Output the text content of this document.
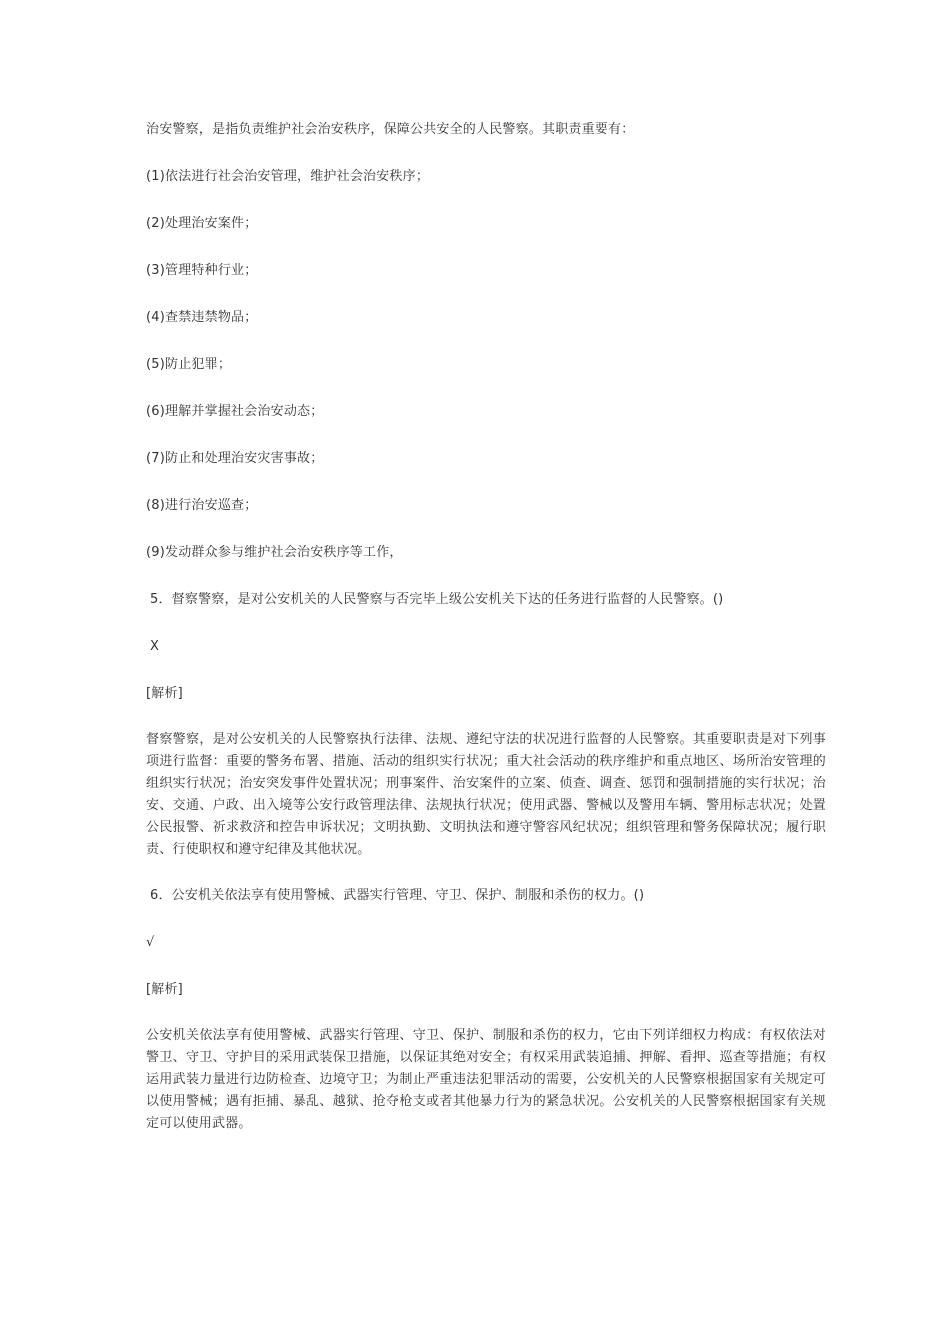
治安警察，是指负责维护社会治安秩序，保障公共安全的人民警察。其职责重要有：

(1)依法进行社会治安管理，维护社会治安秩序；

(2)处理治安案件；

(3)管理特种行业；

(4)查禁违禁物品；

(5)防止犯罪；

(6)理解并掌握社会治安动态；

(7)防止和处理治安灾害事故；

(8)进行治安巡查；

(9)发动群众参与维护社会治安秩序等工作，

5．督察警察，是对公安机关的人民警察与否完毕上级公安机关下达的任务进行监督的人民警察。()

X

[解析]

督察警察，是对公安机关的人民警察执行法律、法规、遵纪守法的状况进行监督的人民警察。其重要职责是对下列事项进行监督：重要的警务布署、措施、活动的组织实行状况；重大社会活动的秩序维护和重点地区、场所治安管理的组织实行状况；治安突发事件处置状况；刑事案件、治安案件的立案、侦查、调查、惩罚和强制措施的实行状况；治安、交通、户政、出入境等公安行政管理法律、法规执行状况；使用武器、警械以及警用车辆、警用标志状况；处置公民报警、祈求救济和控告申诉状况；文明执勤、文明执法和遵守警容风纪状况；组织管理和警务保障状况；履行职责、行使职权和遵守纪律及其他状况。

6．公安机关依法享有使用警械、武器实行管理、守卫、保护、制服和杀伤的权力。()

√

[解析]

公安机关依法享有使用警械、武器实行管理、守卫、保护、制服和杀伤的权力，它由下列详细权力构成：有权依法对警卫、守卫、守护目的采用武装保卫措施，以保证其绝对安全；有权采用武装追捕、押解、看押、巡查等措施；有权运用武装力量进行边防检查、边境守卫；为制止严重违法犯罪活动的需要，公安机关的人民警察根据国家有关规定可以使用警械；遇有拒捕、暴乱、越狱、抢夺枪支或者其他暴力行为的紧急状况。公安机关的人民警察根据国家有关规定可以使用武器。
